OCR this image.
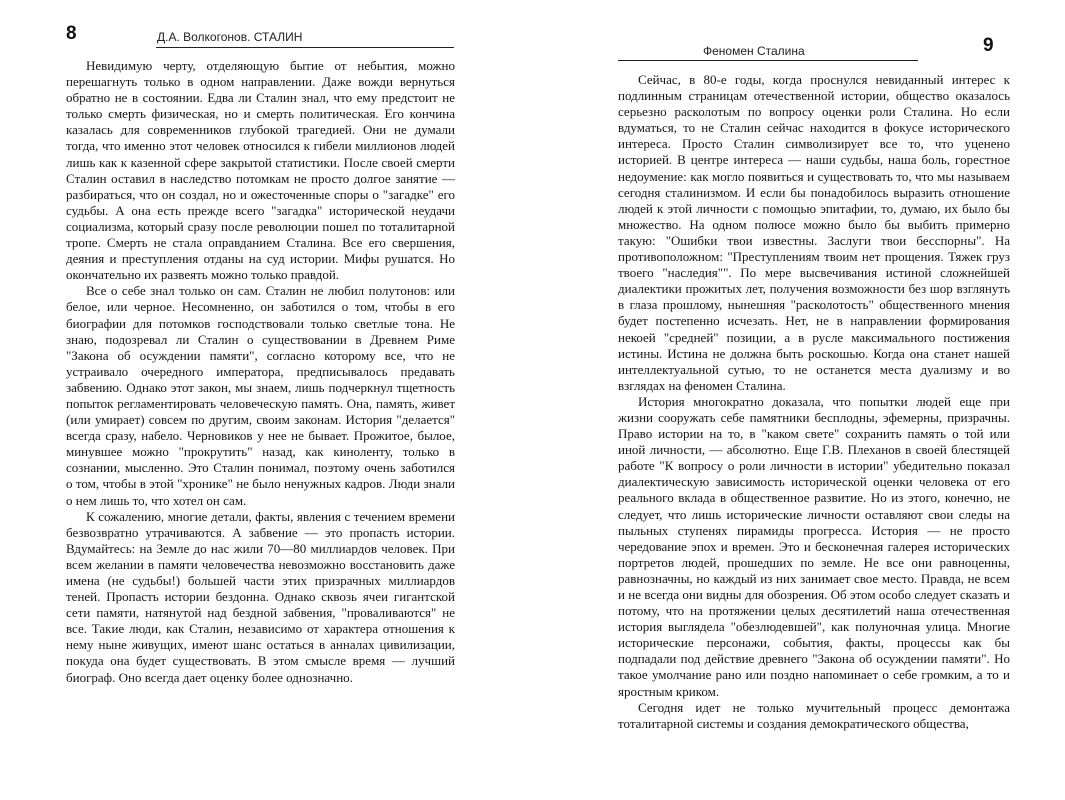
8	Д.А. Волкогонов. СТАЛИН

Невидимую черту, отделяющую бытие от небытия, можно перешагнуть только в одном направлении. Даже вожди вернуться обратно не в состоянии. Едва ли Сталин знал, что ему предстоит не только смерть физическая, но и смерть политическая. Его кончина казалась для современников глубокой трагедией. Они не думали тогда, что именно этот человек относился к гибели миллионов людей лишь как к казенной сфере закрытой статистики. После своей смерти Сталин оставил в наследство потомкам не просто долгое занятие — разбираться, что он создал, но и ожесточенные споры о "загадке" его судьбы. А она есть прежде всего "загадка" исторической неудачи социализма, который сразу после революции пошел по тоталитарной тропе. Смерть не стала оправданием Сталина. Все его свершения, деяния и преступления отданы на суд истории. Мифы рушатся. Но окончательно их развеять можно только правдой.

Все о себе знал только он сам. Сталин не любил полутонов: или белое, или черное. Несомненно, он заботился о том, чтобы в его биографии для потомков господствовали только светлые тона. Не знаю, подозревал ли Сталин о существовании в Древнем Риме "Закона об осуждении памяти", согласно которому все, что не устраивало очередного императора, предписывалось предавать забвению. Однако этот закон, мы знаем, лишь подчеркнул тщетность попыток регламентировать человеческую память. Она, память, живет (или умирает) совсем по другим, своим законам. История "делается" всегда сразу, набело. Черновиков у нее не бывает. Прожитое, былое, минувшее можно "прокрутить" назад, как киноленту, только в сознании, мысленно. Это Сталин понимал, поэтому очень заботился о том, чтобы в этой "хронике" не было ненужных кадров. Люди знали о нем лишь то, что хотел он сам.

К сожалению, многие детали, факты, явления с течением времени безвозвратно утрачиваются. А забвение — это пропасть истории. Вдумайтесь: на Земле до нас жили 70—80 миллиардов человек. При всем желании в памяти человечества невозможно восстановить даже имена (не судьбы!) большей части этих призрачных миллиардов теней. Пропасть истории бездонна. Однако сквозь ячеи гигантской сети памяти, натянутой над бездной забвения, "проваливаются" не все. Такие люди, как Сталин, независимо от характера отношения к нему ныне живущих, имеют шанс остаться в анналах цивилизации, покуда она будет существовать. В этом смысле время — лучший биограф. Оно всегда дает оценку более однозначно.

Феномен Сталина	9

Сейчас, в 80-е годы, когда проснулся невиданный интерес к подлинным страницам отечественной истории, общество оказалось серьезно расколотым по вопросу оценки роли Сталина. Но если вдуматься, то не Сталин сейчас находится в фокусе исторического интереса. Просто Сталин символизирует все то, что уценено историей. В центре интереса — наши судьбы, наша боль, горестное недоумение: как могло появиться и существовать то, что мы называем сегодня сталинизмом. И если бы понадобилось выразить отношение людей к этой личности с помощью эпитафии, то, думаю, их было бы множество. На одном полюсе можно было бы выбить примерно такую: "Ошибки твои известны. Заслуги твои бесспорны". На противоположном: "Преступлениям твоим нет прощения. Тяжек груз твоего "наследия"". По мере высвечивания истиной сложнейшей диалектики прожитых лет, получения возможности без шор взглянуть в глаза прошлому, нынешняя "расколотость" общественного мнения будет постепенно исчезать. Нет, не в направлении формирования некоей "средней" позиции, а в русле максимального постижения истины. Истина не должна быть роскошью. Когда она станет нашей интеллектуальной сутью, то не останется места дуализму и во взглядах на феномен Сталина.

История многократно доказала, что попытки людей еще при жизни сооружать себе памятники бесплодны, эфемерны, призрачны. Право истории на то, в "каком свете" сохранить память о той или иной личности, — абсолютно. Еще Г.В. Плеханов в своей блестящей работе "К вопросу о роли личности в истории" убедительно показал диалектическую зависимость исторической оценки человека от его реального вклада в общественное развитие. Но из этого, конечно, не следует, что лишь исторические личности оставляют свои следы на пыльных ступенях пирамиды прогресса. История — не просто чередование эпох и времен. Это и бесконечная галерея исторических портретов людей, прошедших по земле. Не все они равноценны, равнозначны, но каждый из них занимает свое место. Правда, не всем и не всегда они видны для обозрения. Об этом особо следует сказать и потому, что на протяжении целых десятилетий наша отечественная история выглядела "обезлюдевшей", как полуночная улица. Многие исторические персонажи, события, факты, процессы как бы подпадали под действие древнего "Закона об осуждении памяти". Но такое умолчание рано или поздно напоминает о себе громким, а то и яростным криком.

Сегодня идет не только мучительный процесс демонтажа тоталитарной системы и создания демократического общества,
